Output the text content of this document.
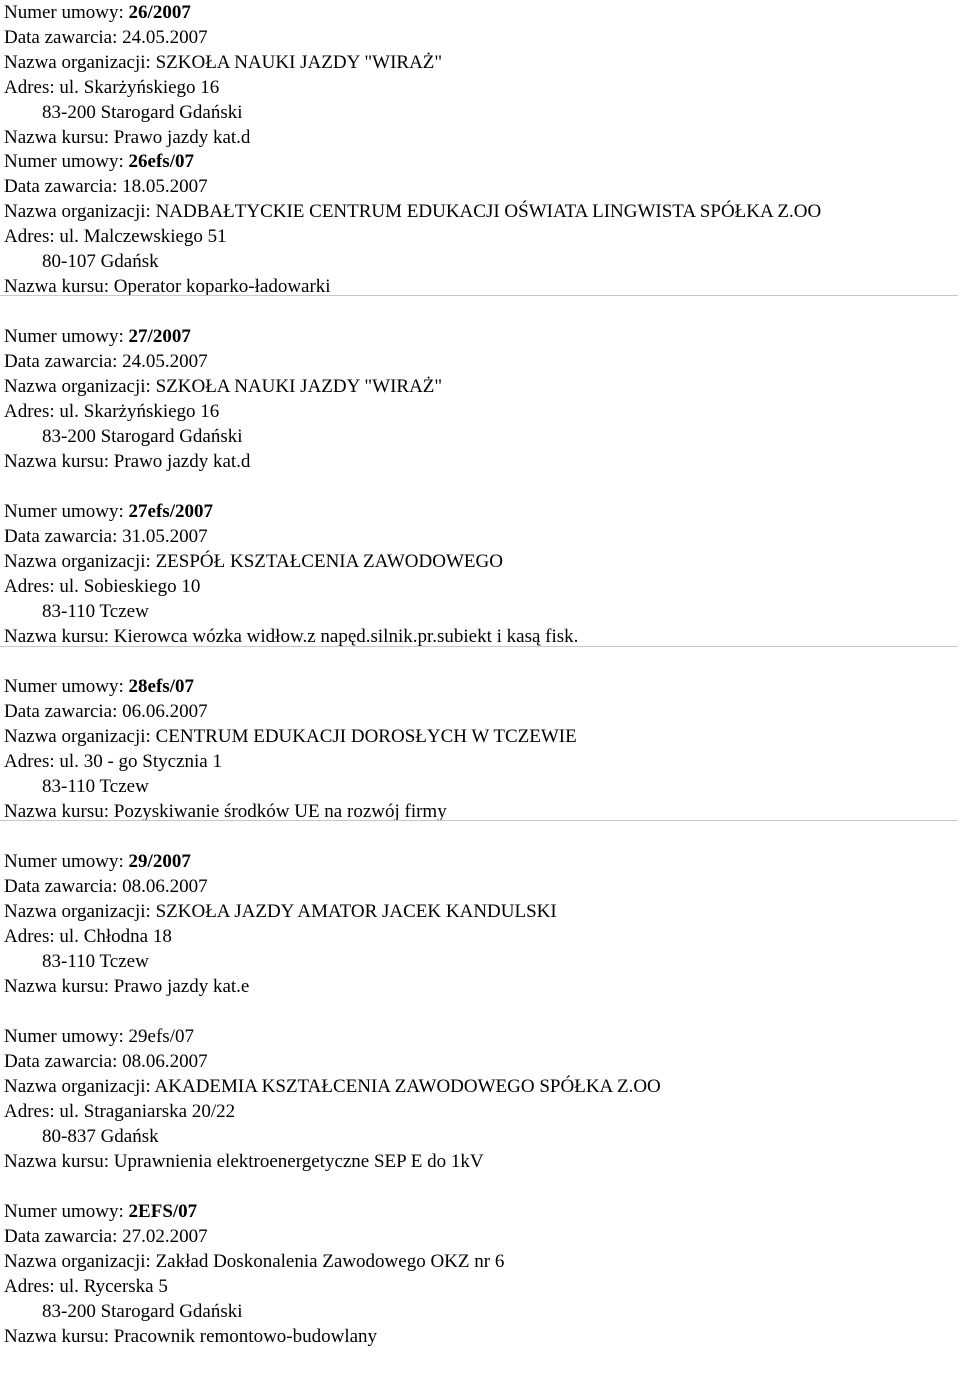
Numer umowy: 26/2007
Data zawarcia: 24.05.2007
Nazwa organizacji: SZKOŁA NAUKI JAZDY "WIRAŻ"
Adres: ul. Skarżyńskiego 16
83-200 Starogard Gdański
Nazwa kursu: Prawo jazdy kat.d
Numer umowy: 26efs/07
Data zawarcia: 18.05.2007
Nazwa organizacji: NADBAŁTYCKIE CENTRUM EDUKACJI OŚWIATA LINGWISTA SPÓŁKA Z.OO
Adres: ul. Malczewskiego 51
80-107 Gdańsk
Nazwa kursu: Operator koparko-ładowarki
Numer umowy: 27/2007
Data zawarcia: 24.05.2007
Nazwa organizacji: SZKOŁA NAUKI JAZDY "WIRAŻ"
Adres: ul. Skarżyńskiego 16
83-200 Starogard Gdański
Nazwa kursu: Prawo jazdy kat.d
Numer umowy: 27efs/2007
Data zawarcia: 31.05.2007
Nazwa organizacji: ZESPÓŁ KSZTAŁCENIA ZAWODOWEGO
Adres: ul. Sobieskiego 10
83-110 Tczew
Nazwa kursu: Kierowca wózka widłow.z napęd.silnik.pr.subiekt i kasą fisk.
Numer umowy: 28efs/07
Data zawarcia: 06.06.2007
Nazwa organizacji: CENTRUM EDUKACJI DOROSŁYCH W TCZEWIE
Adres: ul. 30 - go Stycznia 1
83-110 Tczew
Nazwa kursu: Pozyskiwanie środków UE na rozwój firmy
Numer umowy: 29/2007
Data zawarcia: 08.06.2007
Nazwa organizacji: SZKOŁA JAZDY AMATOR JACEK KANDULSKI
Adres: ul. Chłodna 18
83-110 Tczew
Nazwa kursu: Prawo jazdy kat.e
Numer umowy: 29efs/07
Data zawarcia: 08.06.2007
Nazwa organizacji: AKADEMIA KSZTAŁCENIA ZAWODOWEGO SPÓŁKA Z.OO
Adres: ul. Straganiarska 20/22
80-837 Gdańsk
Nazwa kursu: Uprawnienia elektroenergetyczne SEP E do 1kV
Numer umowy: 2EFS/07
Data zawarcia: 27.02.2007
Nazwa organizacji: Zakład Doskonalenia Zawodowego OKZ nr 6
Adres: ul. Rycerska 5
83-200 Starogard Gdański
Nazwa kursu: Pracownik remontowo-budowlany
